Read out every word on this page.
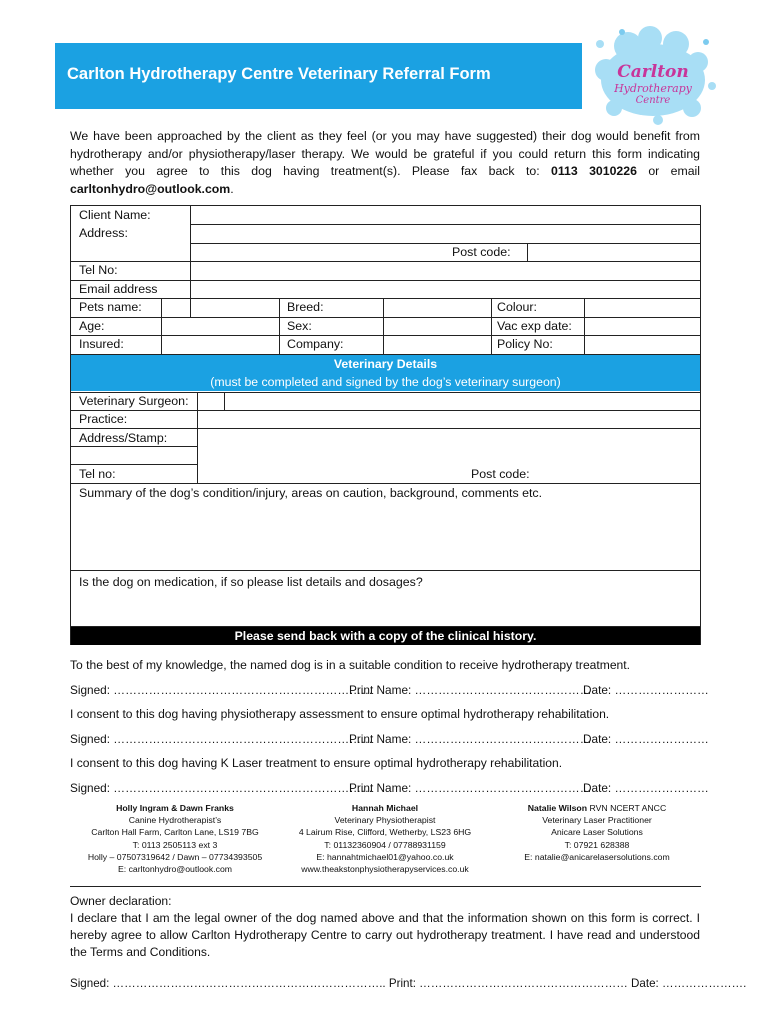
Carlton Hydrotherapy Centre Veterinary Referral Form	Carlton
Hydrotherapy
Centre
We have been approached by the client as they feel (or you may have suggested) their dog would benefit from hydrotherapy and/or physiotherapy/laser therapy. We would be grateful if you could return this form indicating whether you agree to this dog having treatment(s). Please fax back to: 0113 3010226 or email carltonhydro@outlook.com.
Client Name:
Address:
Post code:
Tel No:
Email address
Pets name:	Breed:	Colour:
Age:	Sex:	Vac exp date:
Insured:	Company:	Policy No:
Veterinary Details
(must be completed and signed by the dog’s veterinary surgeon)
Veterinary Surgeon:
Practice:
Address/Stamp:
Tel no:	Post code:
Summary of the dog’s condition/injury, areas on caution, background, comments etc.
Is the dog on medication, if so please list details and dosages?
Please send back with a copy of the clinical history.
To the best of my knowledge, the named dog is in a suitable condition to receive hydrotherapy treatment.
Signed: …………………………………………………………
Print Name: ………………………………………
Date: ……………………
I consent to this dog having physiotherapy assessment to ensure optimal hydrotherapy rehabilitation.
Signed: …………………………………………………………
Print Name: ………………………………………
Date: ……………………
I consent to this dog having K Laser treatment to ensure optimal hydrotherapy rehabilitation.
Signed: …………………………………………………………
Print Name: ………………………………………
Date: ……………………
Holly Ingram & Dawn Franks
Canine Hydrotherapist’s
Carlton Hall Farm, Carlton Lane, LS19 7BG
T: 0113 2505113 ext 3
Holly – 07507319642 / Dawn – 07734393505
E: carltonhydro@outlook.com
Hannah Michael
Veterinary Physiotherapist
4 Lairum Rise, Clifford, Wetherby, LS23 6HG
T: 01132360904 / 07788931159
E: hannahtmichael01@yahoo.co.uk
www.theakstonphysiotherapyservices.co.uk
Natalie Wilson RVN NCERT ANCC
Veterinary Laser Practitioner
Anicare Laser Solutions
T: 07921 628388
E: natalie@anicarelasersolutions.com
Owner declaration:
I declare that I am the legal owner of the dog named above and that the information shown on this form is correct. I hereby agree to allow Carlton Hydrotherapy Centre to carry out hydrotherapy treatment. I have read and understood the Terms and Conditions.
Signed: …………………………………………………………….. Print: ……………………………………………… Date: ………………….
